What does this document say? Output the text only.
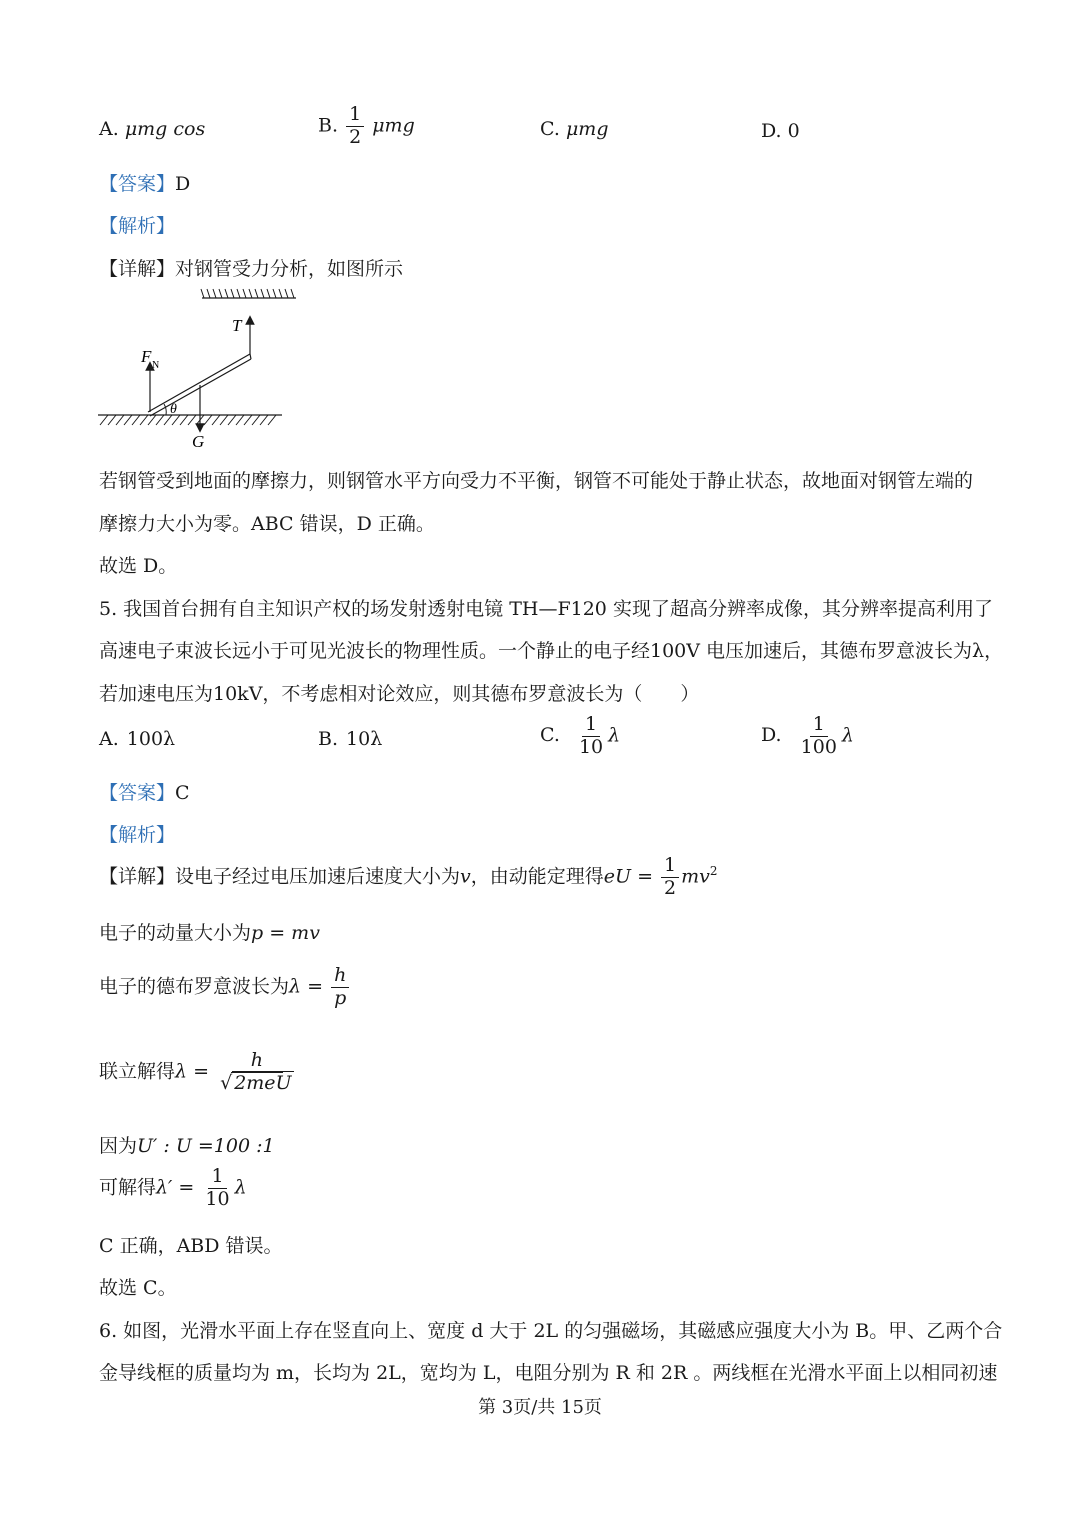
A. μmg cos	B. $\frac{1}{2}$ μmg	C. μmg	D. 0
【答案】D
【解析】
【详解】对钢管受力分析，如图所示
T
F N
G
θ
若钢管受到地面的摩擦力，则钢管水平方向受力不平衡，钢管不可能处于静止状态，故地面对钢管左端的
摩擦力大小为零。ABC 错误，D 正确。
故选 D。
5. 我国首台拥有自主知识产权的场发射透射电镜 TH—F120 实现了超高分辨率成像，其分辨率提高利用了
高速电子束波长远小于可见光波长的物理性质。一个静止的电子经100V 电压加速后，其德布罗意波长为λ，
若加速电压为10kV，不考虑相对论效应，则其德布罗意波长为（　　）
A. 100λ	B. 10λ	C. $\frac{1}{10}$ λ	D. $\frac{1}{100}$ λ
【答案】C
【解析】
【详解】设电子经过电压加速后速度大小为v，由动能定理得eU = $\frac{1}{2} mv^2$
电子的动量大小为p = mv
电子的德布罗意波长为$\lambda = \frac{h}{p}$
联立解得$\lambda = \frac{h}{\text{√ 2meU}}$
因为U′ : U =100 :1
可解得$\lambda' = \frac{1}{10}$ λ
C 正确，ABD 错误。
故选 C。
6. 如图，光滑水平面上存在竖直向上、宽度 d 大于 2L 的匀强磁场，其磁感应强度大小为 B。甲、乙两个合
金导线框的质量均为 m，长均为 2L，宽均为 L，电阻分别为 R 和 2R 。两线框在光滑水平面上以相同初速
第 3页/共 15页
